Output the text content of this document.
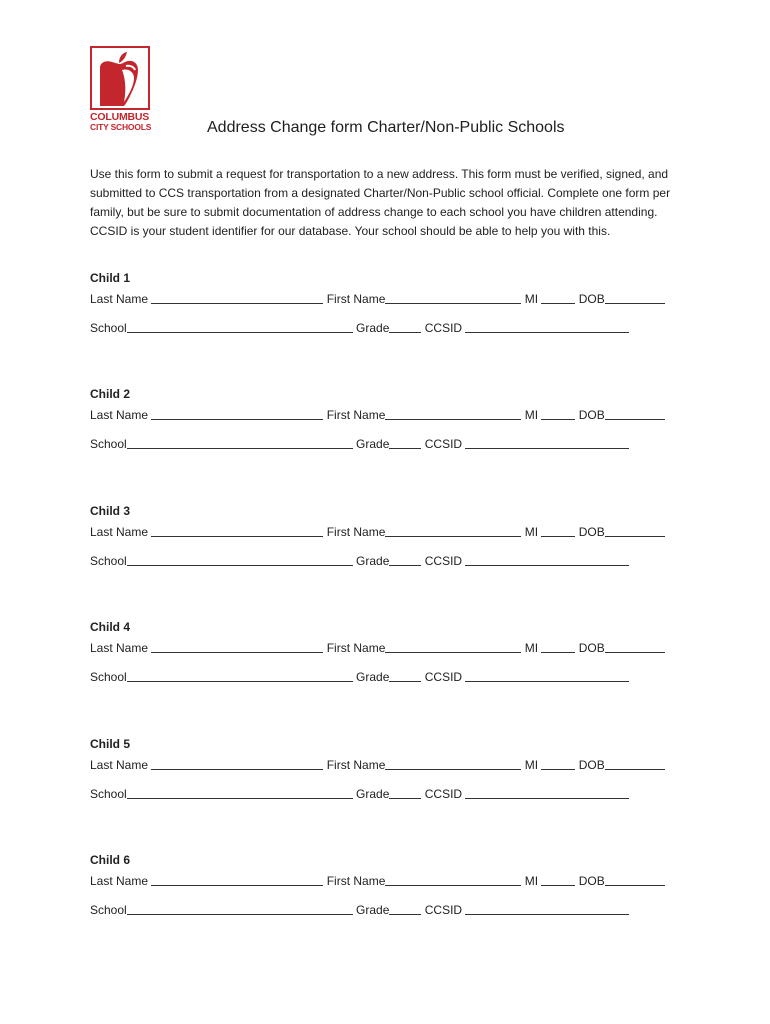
COLUMBUS
CITY SCHOOLS	Address Change form Charter/Non-Public Schools
Use this form to submit a request for transportation to a new address. This form must be verified, signed, and submitted to CCS transportation from a designated Charter/Non-Public school official. Complete one form per family, but be sure to submit documentation of address change to each school you have children attending. CCSID is your student identifier for our database. Your school should be able to help you with this.
Child 1
Last Name	First Name	MI	DOB
School	Grade	CCSID
Child 2
Last Name	First Name	MI	DOB
School	Grade	CCSID
Child 3
Last Name	First Name	MI	DOB
School	Grade	CCSID
Child 4
Last Name	First Name	MI	DOB
School	Grade	CCSID
Child 5
Last Name	First Name	MI	DOB
School	Grade	CCSID
Child 6
Last Name	First Name	MI	DOB
School	Grade	CCSID
